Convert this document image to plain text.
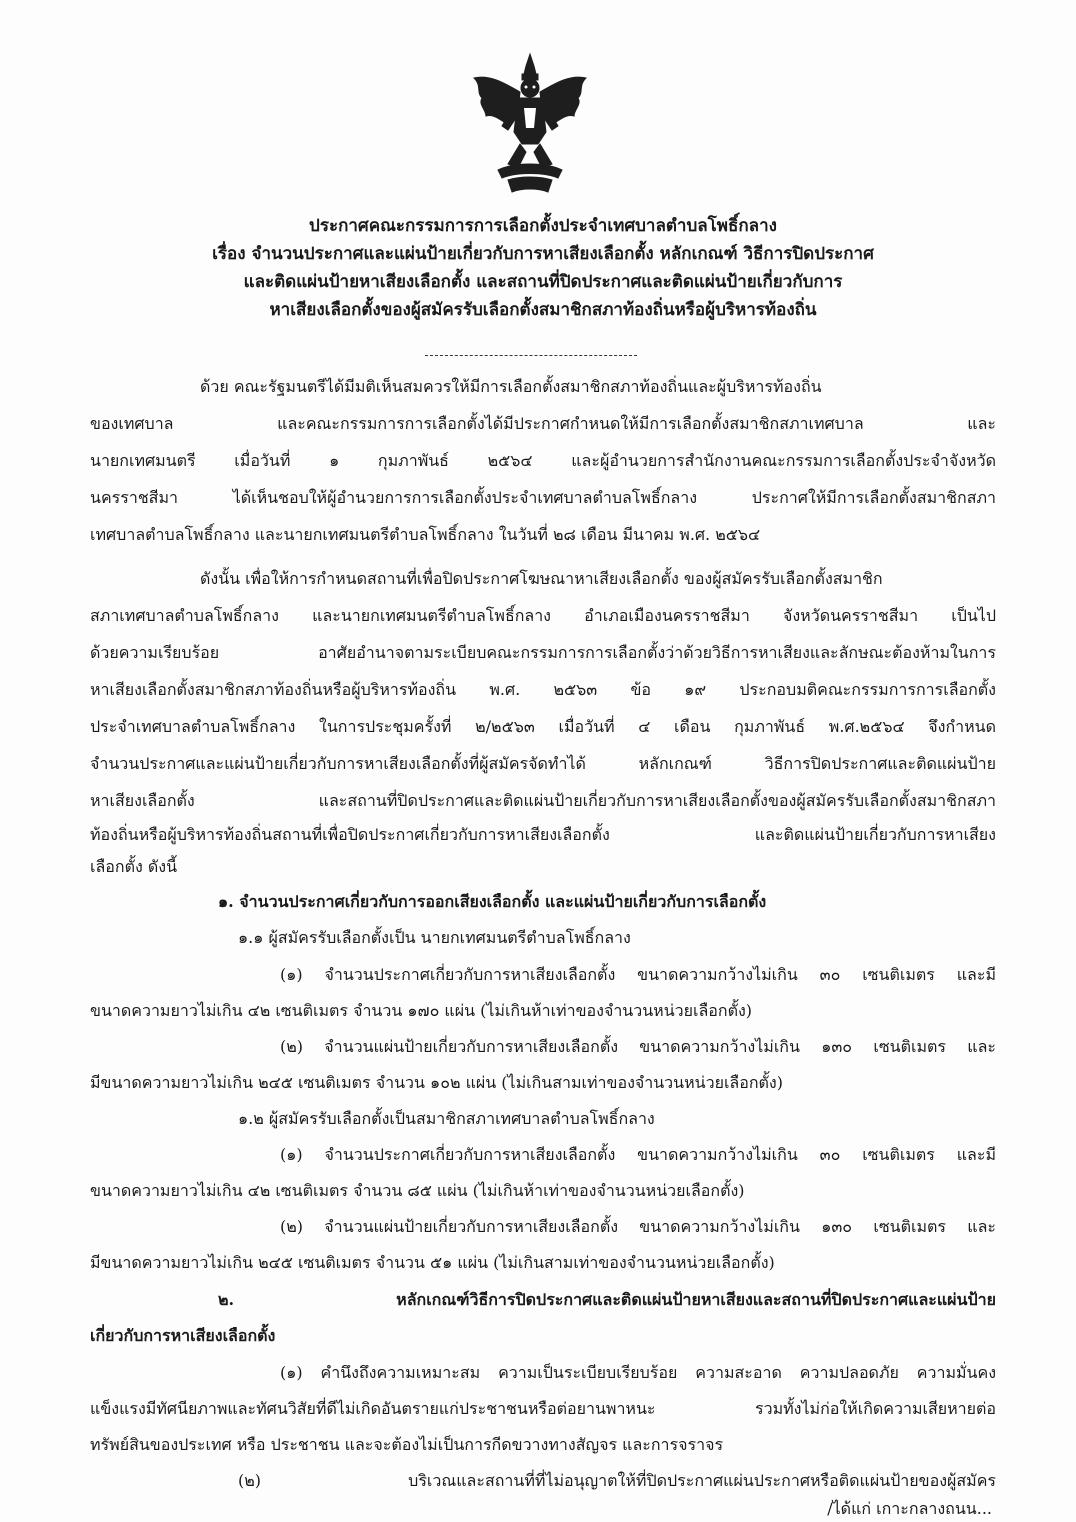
ประกาศคณะกรรมการการเลือกตั้งประจำเทศบาลตำบลโพธิ์กลาง
เรื่อง จำนวนประกาศและแผ่นป้ายเกี่ยวกับการหาเสียงเลือกตั้ง หลักเกณฑ์ วิธีการปิดประกาศ
และติดแผ่นป้ายหาเสียงเลือกตั้ง และสถานที่ปิดประกาศและติดแผ่นป้ายเกี่ยวกับการ
หาเสียงเลือกตั้งของผู้สมัครรับเลือกตั้งสมาชิกสภาท้องถิ่นหรือผู้บริหารท้องถิ่น
ด้วย คณะรัฐมนตรีได้มีมติเห็นสมควรให้มีการเลือกตั้งสมาชิกสภาท้องถิ่นและผู้บริหารท้องถิ่น
ของเทศบาล และคณะกรรมการการเลือกตั้งได้มีประกาศกำหนดให้มีการเลือกตั้งสมาชิกสภาเทศบาล และ
นายกเทศมนตรี เมื่อวันที่ ๑ กุมภาพันธ์ ๒๕๖๔ และผู้อำนวยการสำนักงานคณะกรรมการเลือกตั้งประจำจังหวัด
นครราชสีมา ได้เห็นชอบให้ผู้อำนวยการการเลือกตั้งประจำเทศบาลตำบลโพธิ์กลาง ประกาศให้มีการเลือกตั้งสมาชิกสภา
เทศบาลตำบลโพธิ์กลาง และนายกเทศมนตรีตำบลโพธิ์กลาง ในวันที่ ๒๘ เดือน มีนาคม พ.ศ. ๒๕๖๔
ดังนั้น เพื่อให้การกำหนดสถานที่เพื่อปิดประกาศโฆษณาหาเสียงเลือกตั้ง ของผู้สมัครรับเลือกตั้งสมาชิก
สภาเทศบาลตำบลโพธิ์กลาง และนายกเทศมนตรีตำบลโพธิ์กลาง อำเภอเมืองนครราชสีมา จังหวัดนครราชสีมา เป็นไป
ด้วยความเรียบร้อย อาศัยอำนาจตามระเบียบคณะกรรมการการเลือกตั้งว่าด้วยวิธีการหาเสียงและลักษณะต้องห้ามในการ
หาเสียงเลือกตั้งสมาชิกสภาท้องถิ่นหรือผู้บริหารท้องถิ่น พ.ศ. ๒๕๖๓ ข้อ ๑๙ ประกอบมติคณะกรรมการการเลือกตั้ง
ประจำเทศบาลตำบลโพธิ์กลาง ในการประชุมครั้งที่ ๒/๒๕๖๓ เมื่อวันที่ ๔ เดือน กุมภาพันธ์ พ.ศ.๒๕๖๔ จึงกำหนด
จำนวนประกาศและแผ่นป้ายเกี่ยวกับการหาเสียงเลือกตั้งที่ผู้สมัครจัดทำได้ หลักเกณฑ์ วิธีการปิดประกาศและติดแผ่นป้าย
หาเสียงเลือกตั้ง และสถานที่ปิดประกาศและติดแผ่นป้ายเกี่ยวกับการหาเสียงเลือกตั้งของผู้สมัครรับเลือกตั้งสมาชิกสภา
ท้องถิ่นหรือผู้บริหารท้องถิ่นสถานที่เพื่อปิดประกาศเกี่ยวกับการหาเสียงเลือกตั้ง และติดแผ่นป้ายเกี่ยวกับการหาเสียง
เลือกตั้ง ดังนี้
๑. จำนวนประกาศเกี่ยวกับการออกเสียงเลือกตั้ง และแผ่นป้ายเกี่ยวกับการเลือกตั้ง
๑.๑ ผู้สมัครรับเลือกตั้งเป็น นายกเทศมนตรีตำบลโพธิ์กลาง
(๑) จำนวนประกาศเกี่ยวกับการหาเสียงเลือกตั้ง ขนาดความกว้างไม่เกิน ๓๐ เซนติเมตร และมี
ขนาดความยาวไม่เกิน ๔๒ เซนติเมตร จำนวน ๑๗๐ แผ่น (ไม่เกินห้าเท่าของจำนวนหน่วยเลือกตั้ง)
(๒) จำนวนแผ่นป้ายเกี่ยวกับการหาเสียงเลือกตั้ง ขนาดความกว้างไม่เกิน ๑๓๐ เซนติเมตร และ
มีขนาดความยาวไม่เกิน ๒๔๕ เซนติเมตร จำนวน ๑๐๒ แผ่น (ไม่เกินสามเท่าของจำนวนหน่วยเลือกตั้ง)
๑.๒ ผู้สมัครรับเลือกตั้งเป็นสมาชิกสภาเทศบาลตำบลโพธิ์กลาง
(๑) จำนวนประกาศเกี่ยวกับการหาเสียงเลือกตั้ง ขนาดความกว้างไม่เกิน ๓๐ เซนติเมตร และมี
ขนาดความยาวไม่เกิน ๔๒ เซนติเมตร จำนวน ๘๕ แผ่น (ไม่เกินห้าเท่าของจำนวนหน่วยเลือกตั้ง)
(๒) จำนวนแผ่นป้ายเกี่ยวกับการหาเสียงเลือกตั้ง ขนาดความกว้างไม่เกิน ๑๓๐ เซนติเมตร และ
มีขนาดความยาวไม่เกิน ๒๔๕ เซนติเมตร จำนวน ๕๑ แผ่น (ไม่เกินสามเท่าของจำนวนหน่วยเลือกตั้ง)
๒. หลักเกณฑ์วิธีการปิดประกาศและติดแผ่นป้ายหาเสียงและสถานที่ปิดประกาศและแผ่นป้าย
เกี่ยวกับการหาเสียงเลือกตั้ง
(๑) คำนึงถึงความเหมาะสม ความเป็นระเบียบเรียบร้อย ความสะอาด ความปลอดภัย ความมั่นคง
แข็งแรงมีทัศนียภาพและทัศนวิสัยที่ดีไม่เกิดอันตรายแก่ประชาชนหรือต่อยานพาหนะ รวมทั้งไม่ก่อให้เกิดความเสียหายต่อ
ทรัพย์สินของประเทศ หรือ ประชาชน และจะต้องไม่เป็นการกีดขวางทางสัญจร และการจราจร
(๒) บริเวณและสถานที่ที่ไม่อนุญาตให้ที่ปิดประกาศแผ่นประกาศหรือติดแผ่นป้ายของผู้สมัคร
/ได้แก่ เกาะกลางถนน...
